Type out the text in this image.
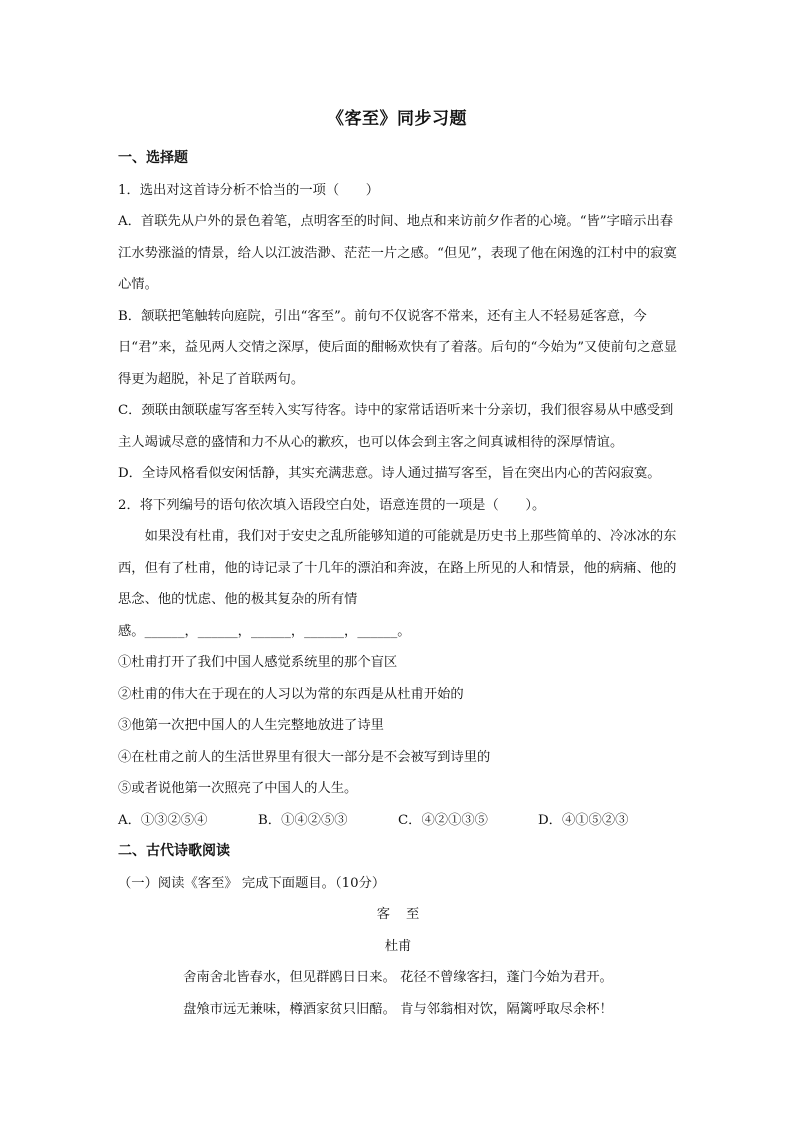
《客至》同步习题

一、选择题

1．选出对这首诗分析不恰当的一项（　　）

A．首联先从户外的景色着笔，点明客至的时间、地点和来访前夕作者的心境。“皆”字暗示出春江水势涨溢的情景，给人以江波浩渺、茫茫一片之感。“但见”，表现了他在闲逸的江村中的寂寞心情。

B．颔联把笔触转向庭院，引出“客至”。前句不仅说客不常来，还有主人不轻易延客意，今日“君”来，益见两人交情之深厚，使后面的酣畅欢快有了着落。后句的“今始为”又使前句之意显得更为超脱，补足了首联两句。

C．颈联由颔联虚写客至转入实写待客。诗中的家常话语听来十分亲切，我们很容易从中感受到主人竭诚尽意的盛情和力不从心的歉疚，也可以体会到主客之间真诚相待的深厚情谊。

D．全诗风格看似安闲恬静，其实充满悲意。诗人通过描写客至，旨在突出内心的苦闷寂寞。

2．将下列编号的语句依次填入语段空白处，语意连贯的一项是（　　）。

如果没有杜甫，我们对于安史之乱所能够知道的可能就是历史书上那些简单的、冷冰冰的东西，但有了杜甫，他的诗记录了十几年的漂泊和奔波，在路上所见的人和情景，他的病痛、他的思念、他的忧虑、他的极其复杂的所有情

感。______，______，______，______，______。

①杜甫打开了我们中国人感觉系统里的那个盲区

②杜甫的伟大在于现在的人习以为常的东西是从杜甫开始的

③他第一次把中国人的人生完整地放进了诗里

④在杜甫之前人的生活世界里有很大一部分是不会被写到诗里的

⑤或者说他第一次照亮了中国人的人生。

A．①③②⑤④	B．①④②⑤③	C．④②①③⑤	D．④①⑤②③

二、古代诗歌阅读

（一）阅读《客至》 完成下面题目。（10分）

客至

杜甫

舍南舍北皆春水，但见群鸥日日来。 花径不曾缘客扫，蓬门今始为君开。

盘飧市远无兼味，樽酒家贫只旧醅。 肯与邻翁相对饮，隔篱呼取尽余杯！
